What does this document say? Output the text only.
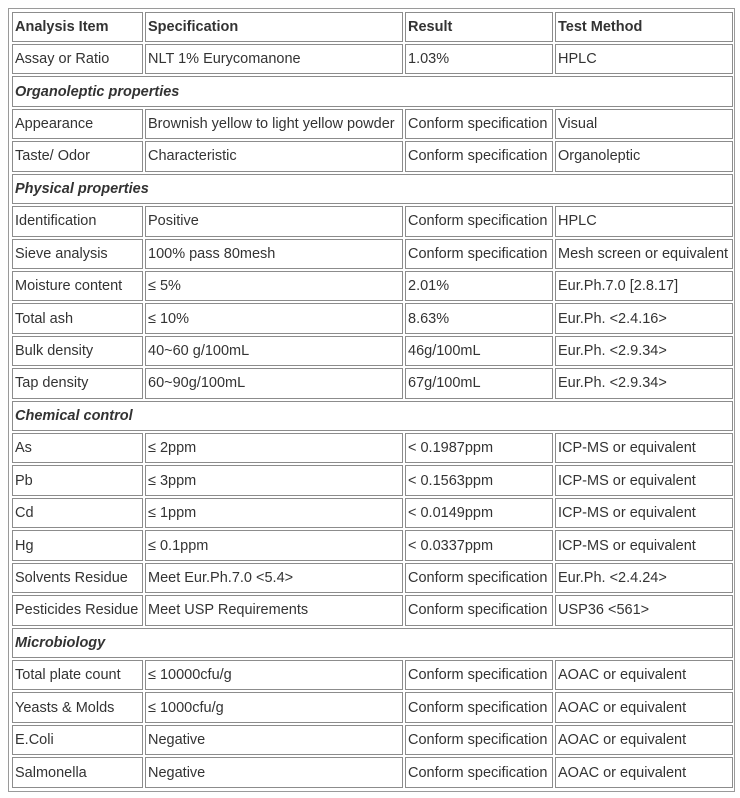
Analysis Item	Specification	Result	Test Method
Assay or Ratio	NLT 1% Eurycomanone	1.03%	HPLC
Organoleptic properties			
Appearance	Brownish yellow to light yellow powder	Conform specification	Visual
Taste/ Odor	Characteristic	Conform specification	Organoleptic
Physical properties			
Identification	Positive	Conform specification	HPLC
Sieve analysis	100% pass 80mesh	Conform specification	Mesh screen or equivalent
Moisture content	≤ 5%	2.01%	Eur.Ph.7.0 [2.8.17]
Total ash	≤ 10%	8.63%	Eur.Ph. <2.4.16>
Bulk density	40~60 g/100mL	46g/100mL	Eur.Ph. <2.9.34>
Tap density	60~90g/100mL	67g/100mL	Eur.Ph. <2.9.34>
Chemical control			
As	≤ 2ppm	< 0.1987ppm	ICP-MS or equivalent
Pb	≤ 3ppm	< 0.1563ppm	ICP-MS or equivalent
Cd	≤ 1ppm	< 0.0149ppm	ICP-MS or equivalent
Hg	≤ 0.1ppm	< 0.0337ppm	ICP-MS or equivalent
Solvents Residue	Meet Eur.Ph.7.0 <5.4>	Conform specification	Eur.Ph. <2.4.24>
Pesticides Residue	Meet USP Requirements	Conform specification	USP36 <561>
Microbiology			
Total plate count	≤ 10000cfu/g	Conform specification	AOAC or equivalent
Yeasts & Molds	≤ 1000cfu/g	Conform specification	AOAC or equivalent
E.Coli	Negative	Conform specification	AOAC or equivalent
Salmonella	Negative	Conform specification	AOAC or equivalent
